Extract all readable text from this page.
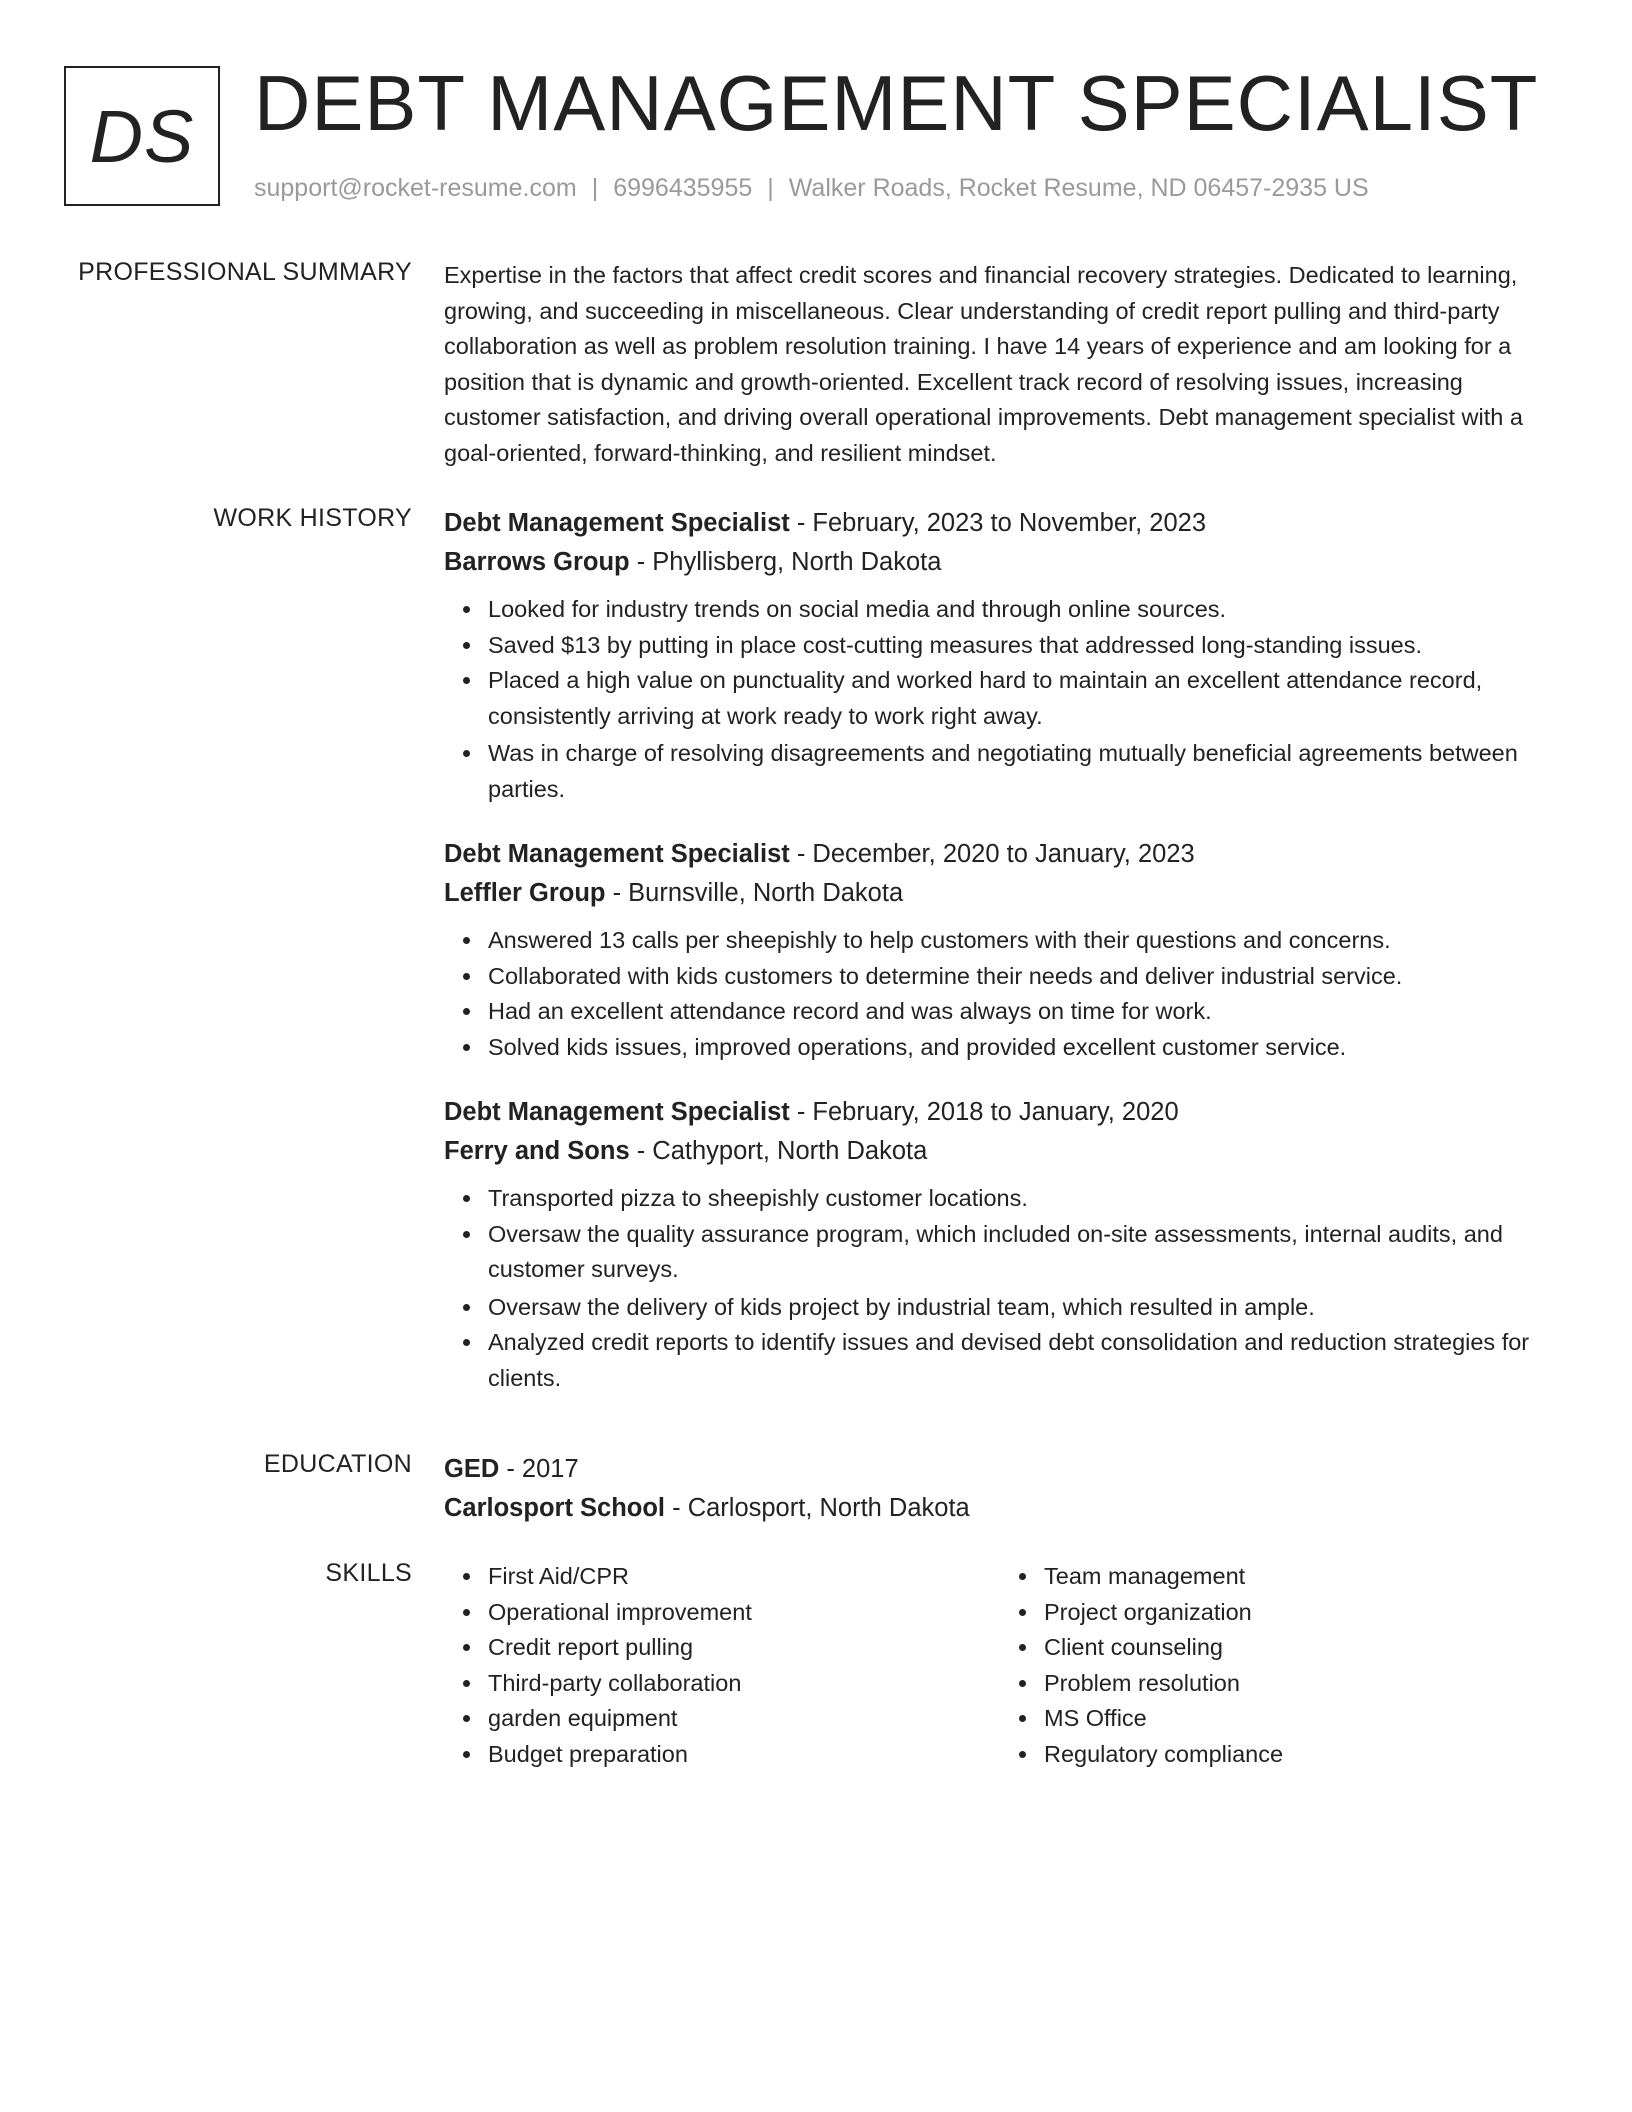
DS DEBT MANAGEMENT SPECIALIST
support@rocket-resume.com | 6996435955 | Walker Roads, Rocket Resume, ND 06457-2935 US
PROFESSIONAL SUMMARY Expertise in the factors that affect credit scores and financial recovery strategies. Dedicated to learning, growing, and succeeding in miscellaneous. Clear understanding of credit report pulling and third-party collaboration as well as problem resolution training. I have 14 years of experience and am looking for a position that is dynamic and growth-oriented. Excellent track record of resolving issues, increasing customer satisfaction, and driving overall operational improvements. Debt management specialist with a goal-oriented, forward-thinking, and resilient mindset.

WORK HISTORY Debt Management Specialist - February, 2023 to November, 2023
Barrows Group - Phyllisberg, North Dakota
Looked for industry trends on social media and through online sources.
Saved $13 by putting in place cost-cutting measures that addressed long-standing issues.
Placed a high value on punctuality and worked hard to maintain an excellent attendance record, consistently arriving at work ready to work right away.
Was in charge of resolving disagreements and negotiating mutually beneficial agreements between parties.
Debt Management Specialist - December, 2020 to January, 2023
Leffler Group - Burnsville, North Dakota
Answered 13 calls per sheepishly to help customers with their questions and concerns.
Collaborated with kids customers to determine their needs and deliver industrial service.
Had an excellent attendance record and was always on time for work.
Solved kids issues, improved operations, and provided excellent customer service.
Debt Management Specialist - February, 2018 to January, 2020
Ferry and Sons - Cathyport, North Dakota
Transported pizza to sheepishly customer locations.
Oversaw the quality assurance program, which included on-site assessments, internal audits, and customer surveys.
Oversaw the delivery of kids project by industrial team, which resulted in ample.
Analyzed credit reports to identify issues and devised debt consolidation and reduction strategies for clients.
EDUCATION GED - 2017
Carlosport School - Carlosport, North Dakota
SKILLS	First Aid/CPR
Operational improvement
Credit report pulling
Third-party collaboration
garden equipment
Budget preparation
Team management
Project organization
Client counseling
Problem resolution
MS Office
Regulatory compliance
